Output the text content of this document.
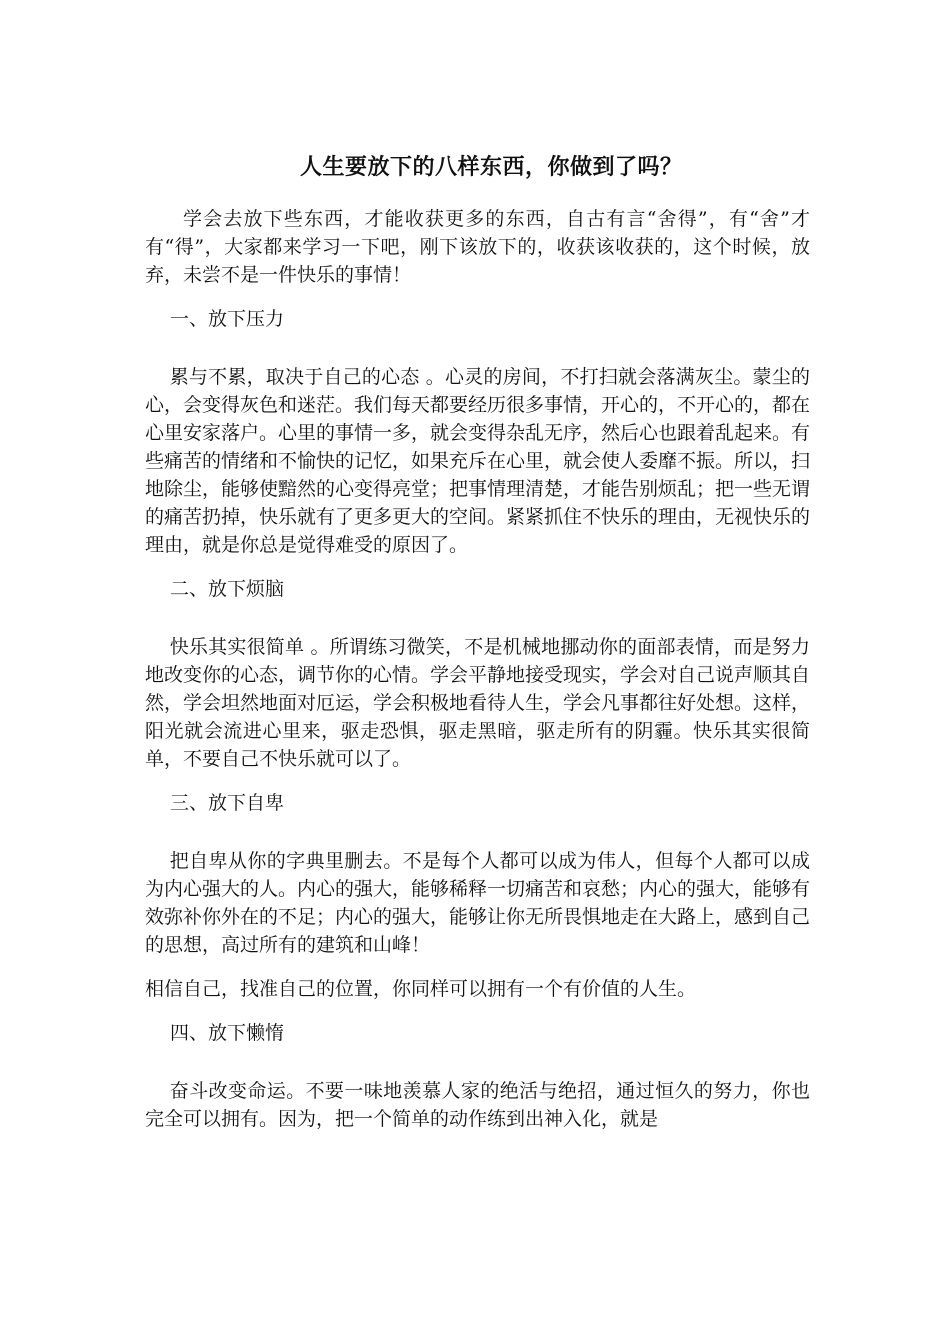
人生要放下的八样东西，你做到了吗？

学会去放下些东西，才能收获更多的东西，自古有言“舍得”，有“舍”才有“得”，大家都来学习一下吧，刚下该放下的，收获该收获的，这个时候，放弃，未尝不是一件快乐的事情！

一、放下压力

累与不累，取决于自己的心态 。心灵的房间，不打扫就会落满灰尘。蒙尘的心，会变得灰色和迷茫。我们每天都要经历很多事情，开心的，不开心的，都在心里安家落户。心里的事情一多，就会变得杂乱无序，然后心也跟着乱起来。有些痛苦的情绪和不愉快的记忆，如果充斥在心里，就会使人委靡不振。所以，扫地除尘，能够使黯然的心变得亮堂；把事情理清楚，才能告别烦乱；把一些无谓的痛苦扔掉，快乐就有了更多更大的空间。紧紧抓住不快乐的理由，无视快乐的理由，就是你总是觉得难受的原因了。

二、放下烦脑

快乐其实很简单 。所谓练习微笑，不是机械地挪动你的面部表情，而是努力地改变你的心态，调节你的心情。学会平静地接受现实，学会对自己说声顺其自然，学会坦然地面对厄运，学会积极地看待人生，学会凡事都往好处想。这样，阳光就会流进心里来，驱走恐惧，驱走黑暗，驱走所有的阴霾。快乐其实很简单，不要自己不快乐就可以了。

三、放下自卑

把自卑从你的字典里删去。不是每个人都可以成为伟人，但每个人都可以成为内心强大的人。内心的强大，能够稀释一切痛苦和哀愁；内心的强大，能够有效弥补你外在的不足；内心的强大，能够让你无所畏惧地走在大路上，感到自己的思想，高过所有的建筑和山峰！

相信自己，找准自己的位置，你同样可以拥有一个有价值的人生。

四、放下懒惰

奋斗改变命运。不要一味地羡慕人家的绝活与绝招，通过恒久的努力，你也完全可以拥有。因为，把一个简单的动作练到出神入化，就是
